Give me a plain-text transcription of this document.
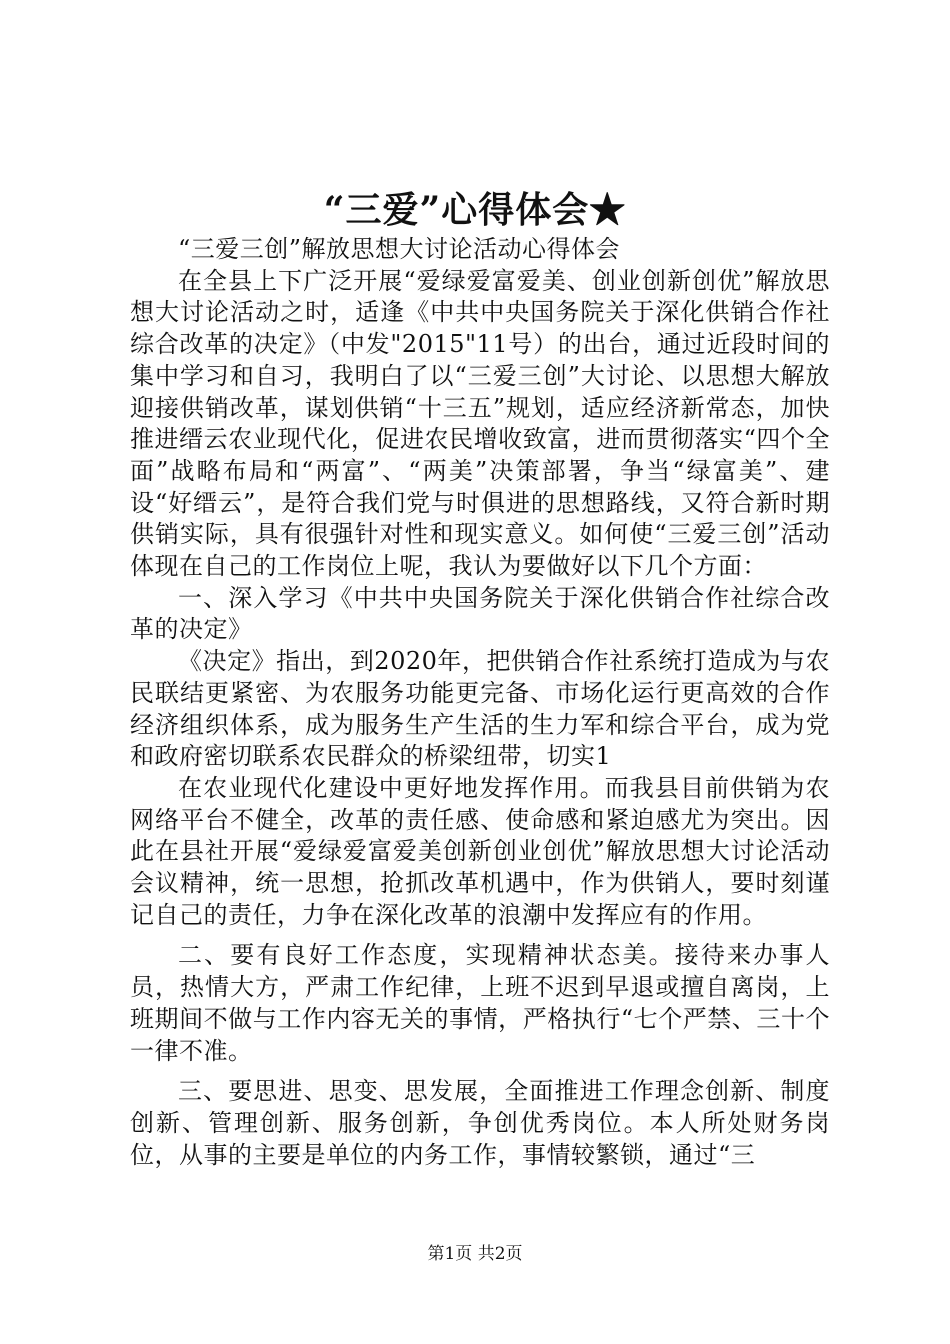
“三爱”心得体会★

“三爱三创”解放思想大讨论活动心得体会

在全县上下广泛开展“爱绿爱富爱美、创业创新创优”解放思想大讨论活动之时，适逢《中共中央国务院关于深化供销合作社综合改革的决定》（中发"2015"11号）的出台，通过近段时间的集中学习和自习，我明白了以“三爱三创”大讨论、以思想大解放迎接供销改革，谋划供销“十三五”规划，适应经济新常态，加快推进缙云农业现代化，促进农民增收致富，进而贯彻落实“四个全面”战略布局和“两富”、“两美”决策部署，争当“绿富美”、建设“好缙云”，是符合我们党与时俱进的思想路线，又符合新时期供销实际，具有很强针对性和现实意义。如何使“三爱三创”活动体现在自己的工作岗位上呢，我认为要做好以下几个方面：

一、深入学习《中共中央国务院关于深化供销合作社综合改革的决定》

《决定》指出，到2020年，把供销合作社系统打造成为与农民联结更紧密、为农服务功能更完备、市场化运行更高效的合作经济组织体系，成为服务生产生活的生力军和综合平台，成为党和政府密切联系农民群众的桥梁纽带，切实1

在农业现代化建设中更好地发挥作用。而我县目前供销为农网络平台不健全，改革的责任感、使命感和紧迫感尤为突出。因此在县社开展“爱绿爱富爱美创新创业创优”解放思想大讨论活动会议精神，统一思想，抢抓改革机遇中，作为供销人，要时刻谨记自己的责任，力争在深化改革的浪潮中发挥应有的作用。

二、要有良好工作态度，实现精神状态美。接待来办事人员，热情大方，严肃工作纪律，上班不迟到早退或擅自离岗，上班期间不做与工作内容无关的事情，严格执行“七个严禁、三十个一律不准。

三、要思进、思变、思发展，全面推进工作理念创新、制度创新、管理创新、服务创新，争创优秀岗位。本人所处财务岗位，从事的主要是单位的内务工作，事情较繁锁，通过“三

第1页 共2页
